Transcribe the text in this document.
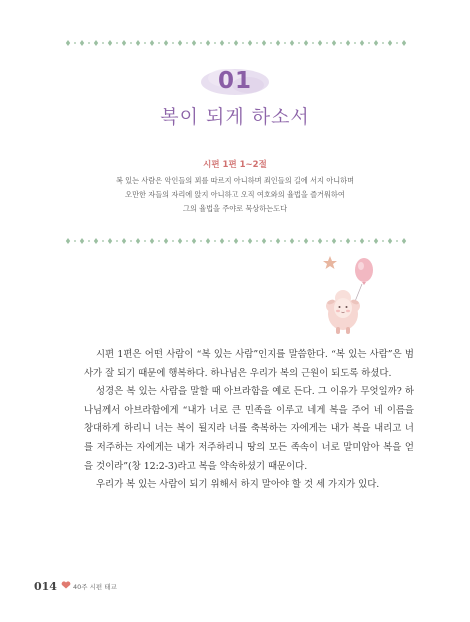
01
복이 되게 하소서
시편 1편 1~2절
복 있는 사람은 악인들의 꾀를 따르지 아니하며 죄인들의 길에 서지 아니하며
오만한 자들의 자리에 앉지 아니하고 오직 여호와의 율법을 즐거워하여
그의 율법을 주야로 묵상하는도다

시편 1편은 어떤 사람이 “복 있는 사람”인지를 말씀한다. “복 있는 사람”은 범사가 잘 되기 때문에 행복하다. 하나님은 우리가 복의 근원이 되도록 하셨다.

성경은 복 있는 사람을 말할 때 아브라함을 예로 든다. 그 이유가 무엇일까? 하나님께서 아브라함에게 “내가 너로 큰 민족을 이루고 네게 복을 주어 네 이름을 창대하게 하리니 너는 복이 될지라 너를 축복하는 자에게는 내가 복을 내리고 너를 저주하는 자에게는 내가 저주하리니 땅의 모든 족속이 너로 말미암아 복을 얻을 것이라”(창 12:2-3)라고 복을 약속하셨기 때문이다.

우리가 복 있는 사람이 되기 위해서 하지 말아야 할 것 세 가지가 있다.

014 40주 시편 태교
